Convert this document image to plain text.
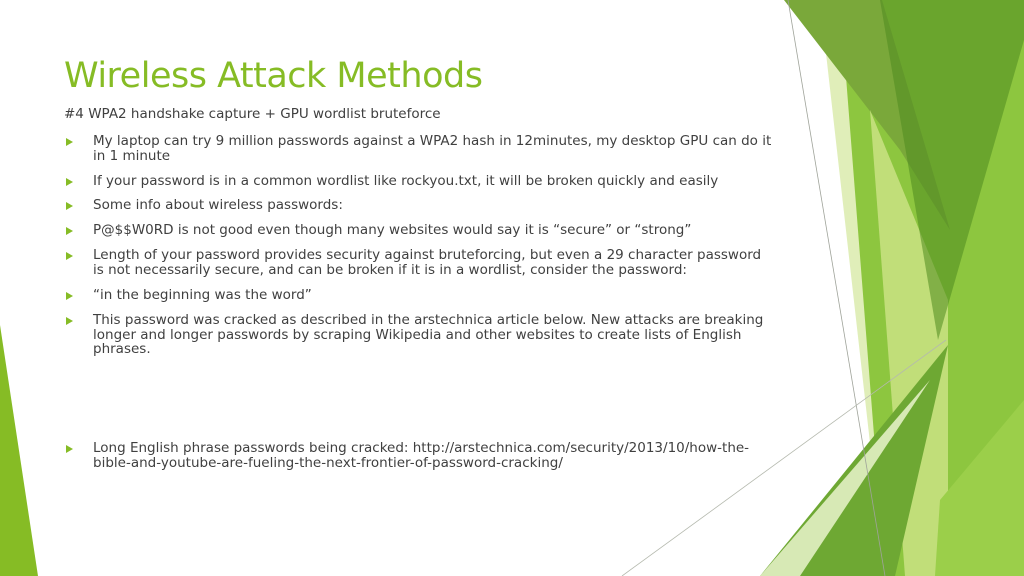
Wireless Attack Methods

#4 WPA2 handshake capture + GPU wordlist bruteforce

My laptop can try 9 million passwords against a WPA2 hash in 12minutes, my desktop GPU can do it in 1 minute
If your password is in a common wordlist like rockyou.txt, it will be broken quickly and easily
Some info about wireless passwords:
P@$$W0RD is not good even though many websites would say it is “secure” or “strong”
Length of your password provides security against bruteforcing, but even a 29 character password is not necessarily secure, and can be broken if it is in a wordlist, consider the password:
“in the beginning was the word”
This password was cracked as described in the arstechnica article below. New attacks are breaking longer and longer passwords by scraping Wikipedia and other websites to create lists of English phrases.
Long English phrase passwords being cracked: http://arstechnica.com/security/2013/10/how-the-bible-and-youtube-are-fueling-the-next-frontier-of-password-cracking/
